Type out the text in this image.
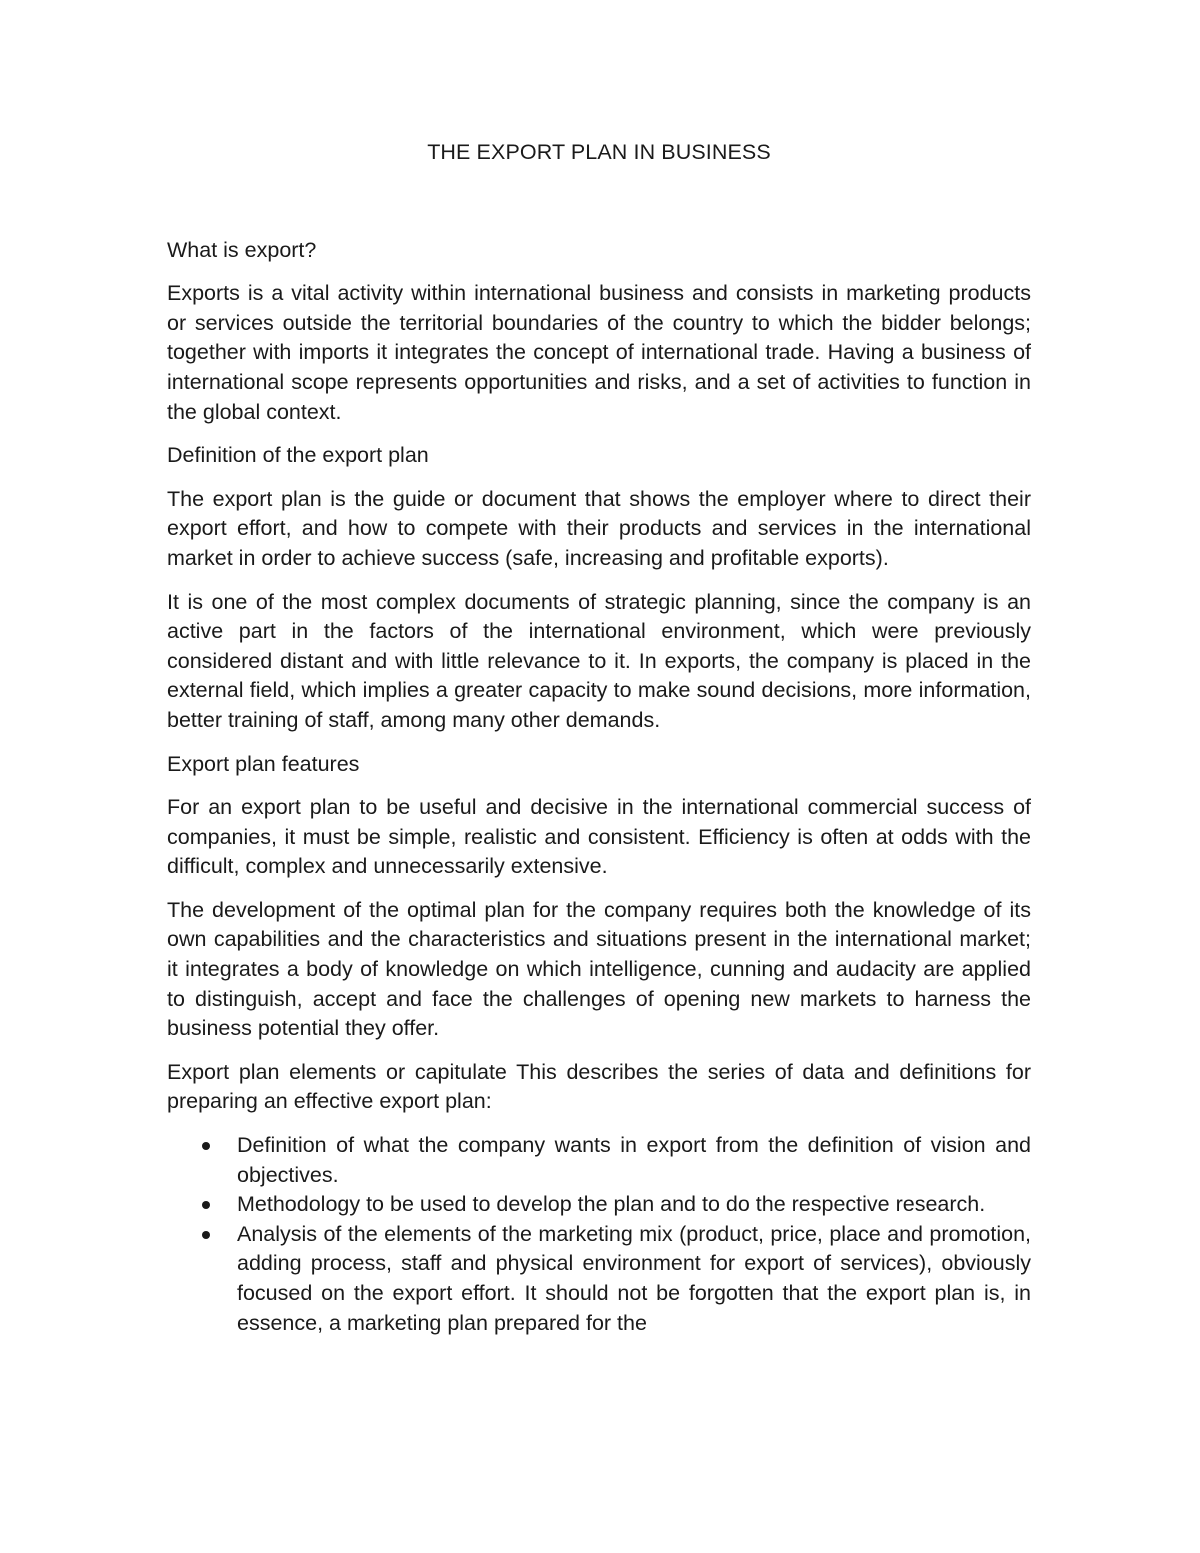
THE EXPORT PLAN IN BUSINESS
What is export?
Exports is a vital activity within international business and consists in marketing products or services outside the territorial boundaries of the country to which the bidder belongs; together with imports it integrates the concept of international trade. Having a business of international scope represents opportunities and risks, and a set of activities to function in the global context.
Definition of the export plan
The export plan is the guide or document that shows the employer where to direct their export effort, and how to compete with their products and services in the international market in order to achieve success (safe, increasing and profitable exports).
It is one of the most complex documents of strategic planning, since the company is an active part in the factors of the international environment, which were previously considered distant and with little relevance to it. In exports, the company is placed in the external field, which implies a greater capacity to make sound decisions, more information, better training of staff, among many other demands.
Export plan features
For an export plan to be useful and decisive in the international commercial success of companies, it must be simple, realistic and consistent. Efficiency is often at odds with the difficult, complex and unnecessarily extensive.
The development of the optimal plan for the company requires both the knowledge of its own capabilities and the characteristics and situations present in the international market; it integrates a body of knowledge on which intelligence, cunning and audacity are applied to distinguish, accept and face the challenges of opening new markets to harness the business potential they offer.
Export plan elements or capitulate This describes the series of data and definitions for preparing an effective export plan:
Definition of what the company wants in export from the definition of vision and objectives.
Methodology to be used to develop the plan and to do the respective research.
Analysis of the elements of the marketing mix (product, price, place and promotion, adding process, staff and physical environment for export of services), obviously focused on the export effort. It should not be forgotten that the export plan is, in essence, a marketing plan prepared for the
